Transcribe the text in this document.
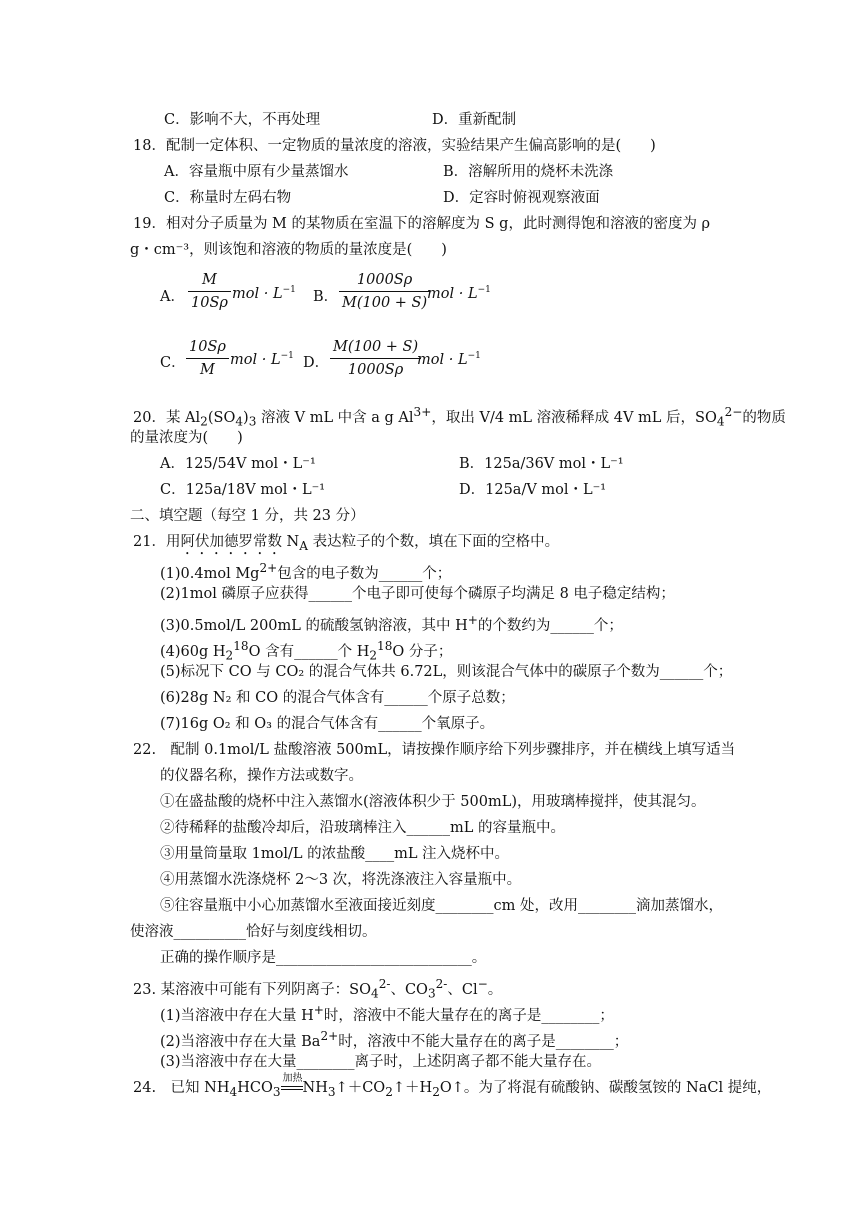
C．影响不大，不再处理	D．重新配制
18．配制一定体积、一定物质的量浓度的溶液，实验结果产生偏高影响的是(　　)
A．容量瓶中原有少量蒸馏水	B．溶解所用的烧杯未洗涤
C．称量时左码右物	D．定容时俯视观察液面
19．相对分子质量为 M 的某物质在室温下的溶解度为 S g，此时测得饱和溶液的密度为 ρ
g・cm⁻³，则该饱和溶液的物质的量浓度是(　　)
A． $\frac{M}{10S\rho}$ mol · $L^{-1}$ B． $\frac{1000S\rho}{M(100 + S)}$
mol · $L^{-1}$
C． $\frac{10S\rho}{M}$ mol · $L^{-1}$ D． $\frac{M(100 + S)}{1000S\rho}$
mol · $L^{-1}$
20．某 $Al_2(SO_4)_3$ 溶液 V mL 中含 a g $Al^{3+}$，取出 V/4 mL 溶液稀释成 4V mL 后，$SO_4^{2-}$的物质
的量浓度为(　　)
A．125/54V mol・L⁻¹	B．125a/36V mol・L⁻¹
C．125a/18V mol・L⁻¹	D．125a/V mol・L⁻¹
二、填空题（每空 1 分，共 23 分）
21．用阿伏加德罗常数 $N_A$ 表达粒子的个数，填在下面的空格中。
(1)0.4mol $Mg^{2+}$包含的电子数为______个；
(2)1mol 磷原子应获得______个电子即可使每个磷原子均满足 8 电子稳定结构；
(3)0.5mol/L 200mL 的硫酸氢钠溶液，其中 H+的个数约为______个；
(4)60g $H_2^{18}O$ 含有______个 $H_2^{18}O$ 分子；
(5)标况下 CO 与 CO₂ 的混合气体共 6.72L，则该混合气体中的碳原子个数为______个；
(6)28g N₂ 和 CO 的混合气体含有______个原子总数；
(7)16g O₂ 和 O₃ 的混合气体含有______个氧原子。
22.　配制 0.1mol/L 盐酸溶液 500mL，请按操作顺序给下列步骤排序，并在横线上填写适当
的仪器名称，操作方法或数字。
①在盛盐酸的烧杯中注入蒸馏水(溶液体积少于 500mL)，用玻璃棒搅拌，使其混匀。
②待稀释的盐酸冷却后，沿玻璃棒注入______mL 的容量瓶中。
③用量筒量取 1mol/L 的浓盐酸____mL 注入烧杯中。
④用蒸馏水洗涤烧杯 2～3 次，将洗涤液注入容量瓶中。
⑤往容量瓶中小心加蒸馏水至液面接近刻度________cm 处，改用________滴加蒸馏水，
使溶液__________恰好与刻度线相切。
正确的操作顺序是___________________________。
23. 某溶液中可能有下列阴离子：$SO_4^{2-}$、$CO_3^{2-}$、Cl−。
(1)当溶液中存在大量 H+时，溶液中不能大量存在的离子是________；
(2)当溶液中存在大量 $Ba^{2+}$时，溶液中不能大量存在的离子是________；
(3)当溶液中存在大量________离子时，上述阴离子都不能大量存在。
24.　已知 $NH_4HCO_3$
加热
$NH_3↑+CO_2↑+H_2O↑$。为了将混有硫酸钠、碳酸氢铵的 NaCl 提纯，
